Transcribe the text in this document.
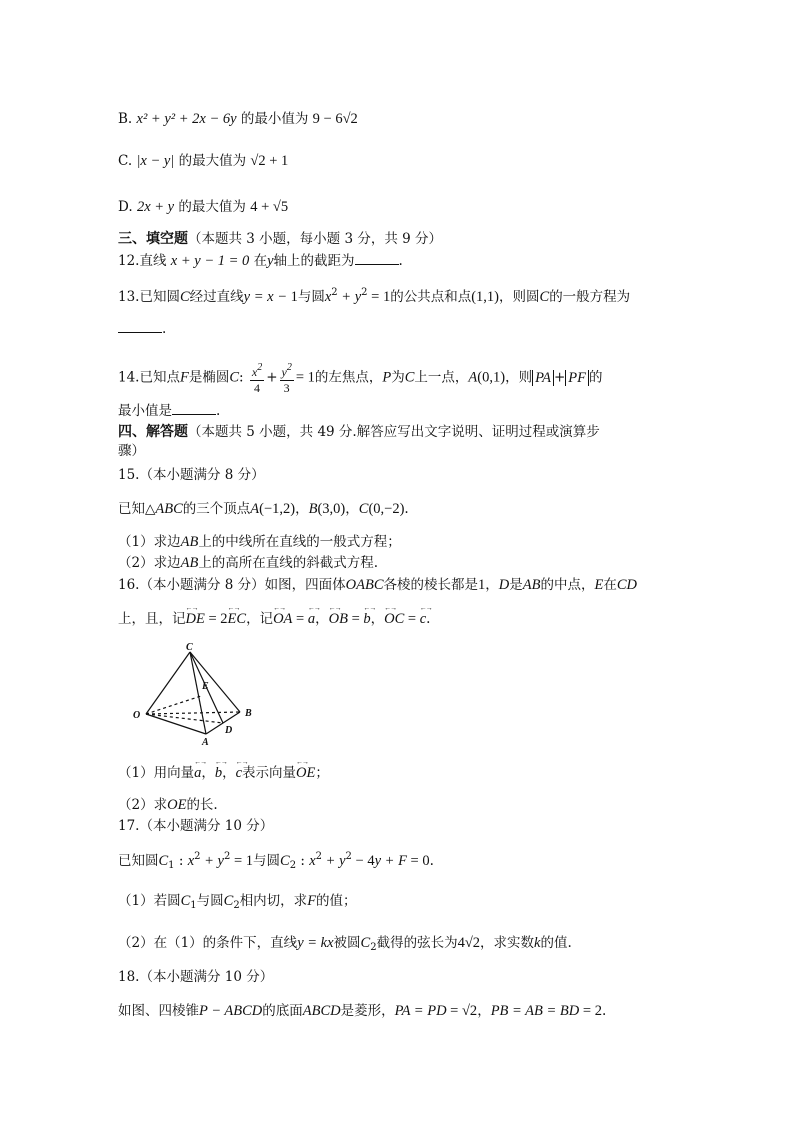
B. x² + y² + 2x − 6y 的最小值为 9 − 6√2
C. |x − y| 的最大值为 √2 + 1
D. 2x + y 的最大值为 4 + √5
三、填空题（本题共 3 小题，每小题 3 分，共 9 分）
12.直线 x + y − 1 = 0 在y轴上的截距为	.
13.已知圆C经过直线y = x − 1与圆$x^2 + y^2 = 1$的公共点和点(1,1)，则圆C的一般方程为
.
14.已知点F是椭圆C: $\frac{x^2}{4} + \frac{y^2}{3} = 1$的左焦点，P为C上一点，A(0,1)，则 PA + PF 的
最小值是	.
四、解答题（本题共 5 小题，共 49 分.解答应写出文字说明、证明过程或演算步
骤）
15.（本小题满分 8 分）
已知△ABC的三个顶点A(−1,2)，B(3,0)，C(0,−2).
（1）求边AB上的中线所在直线的一般式方程；
（2）求边AB上的高所在直线的斜截式方程.
16.（本小题满分 8 分）如图，四面体OABC各棱的棱长都是1，D是AB的中点，E在CD
上，且，记←→ DE = 2←→ EC，记←→ OA = ←→ a，←→ OB = ←→ b，←→ OC = ←→ c.
C
E
O	B
D
A
（1）用向量←→ a，←→ b，←→ c表示向量←→ OE；
（2）求OE的长.
17.（本小题满分 10 分）
已知圆$C_1$ : $x^2 + y^2 = 1$与圆$C_2$ : $x^2 + y^2 - 4y + F = 0$.
（1）若圆$C_1$与圆$C_2$相内切，求F的值；
（2）在（1）的条件下，直线y = kx被圆$C_2$截得的弦长为4√2，求实数k的值.
18.（本小题满分 10 分）
如图、四棱锥P − ABCD的底面ABCD是菱形，PA = PD = √2，PB = AB = BD = 2.
